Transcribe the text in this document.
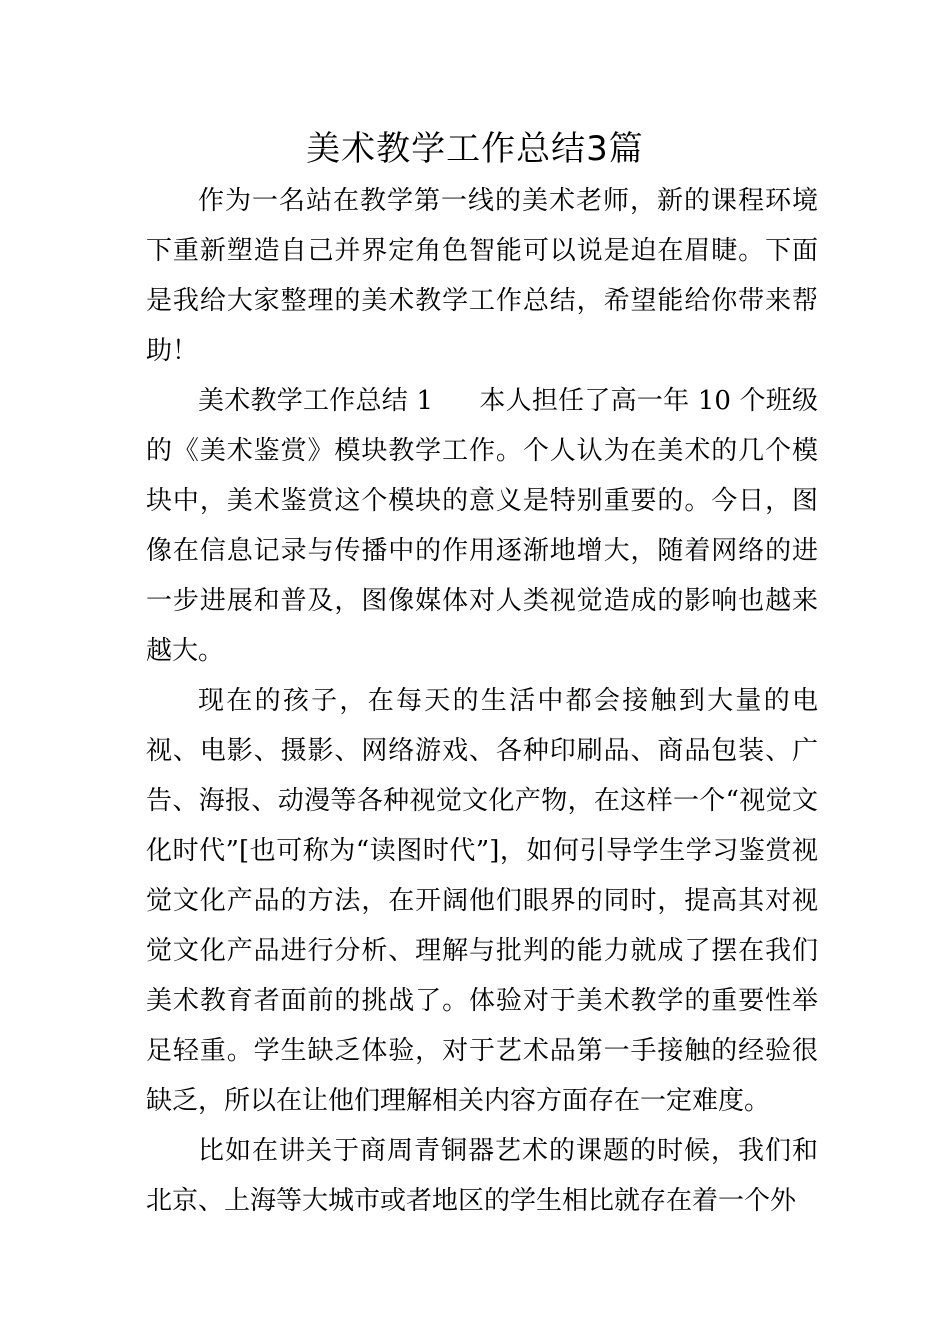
美术教学工作总结3篇

作为一名站在教学第一线的美术老师，新的课程环境下重新塑造自己并界定角色智能可以说是迫在眉睫。下面是我给大家整理的美术教学工作总结，希望能给你带来帮助！

美术教学工作总结 1 本人担任了高一年 10 个班级的《美术鉴赏》模块教学工作。个人认为在美术的几个模块中，美术鉴赏这个模块的意义是特别重要的。今日，图像在信息记录与传播中的作用逐渐地增大，随着网络的进一步进展和普及，图像媒体对人类视觉造成的影响也越来越大。

现在的孩子，在每天的生活中都会接触到大量的电视、电影、摄影、网络游戏、各种印刷品、商品包装、广告、海报、动漫等各种视觉文化产物，在这样一个“视觉文化时代”[也可称为“读图时代”]，如何引导学生学习鉴赏视觉文化产品的方法，在开阔他们眼界的同时，提高其对视觉文化产品进行分析、理解与批判的能力就成了摆在我们美术教育者面前的挑战了。体验对于美术教学的重要性举足轻重。学生缺乏体验，对于艺术品第一手接触的经验很缺乏，所以在让他们理解相关内容方面存在一定难度。

比如在讲关于商周青铜器艺术的课题的时候，我们和北京、上海等大城市或者地区的学生相比就存在着一个外
